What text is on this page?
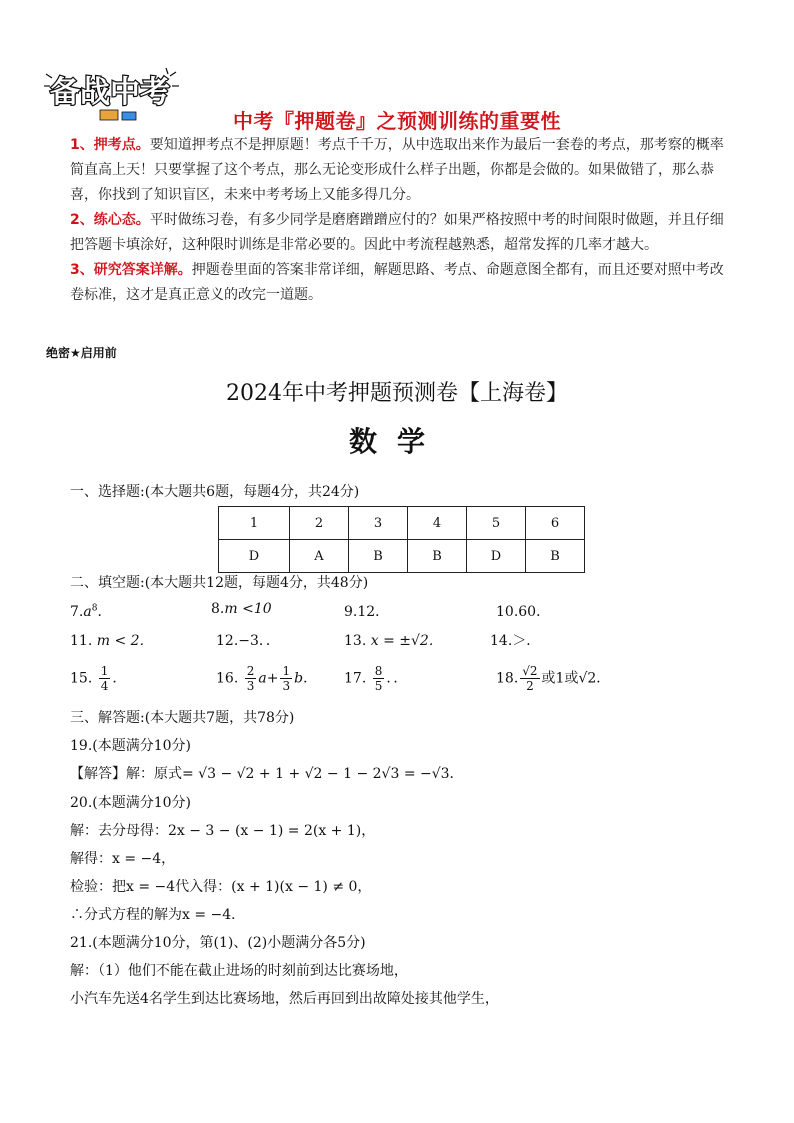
备战中考
中考『押题卷』之预测训练的重要性

1、押考点。要知道押考点不是押原题！考点千千万，从中选取出来作为最后一套卷的考点，那考察的概率简直高上天！只要掌握了这个考点，那么无论变形成什么样子出题，你都是会做的。如果做错了，那么恭喜，你找到了知识盲区，未来中考考场上又能多得几分。

2、练心态。平时做练习卷，有多少同学是磨磨蹭蹭应付的？如果严格按照中考的时间限时做题，并且仔细把答题卡填涂好，这种限时训练是非常必要的。因此中考流程越熟悉，超常发挥的几率才越大。

3、研究答案详解。押题卷里面的答案非常详细，解题思路、考点、命题意图全都有，而且还要对照中考改卷标准，这才是真正意义的改完一道题。

绝密★启用前
2024年中考押题预测卷【上海卷】
数学
一、选择题:(本大题共6题，每题4分，共24分)
1	2	3	4	5	6
D	A	B	B	D	B
二、填空题:(本大题共12题，每题4分，共48分)
$7.a^8$．	8.m <10	9.12．	10.60．
11. m < 2．	12.−3．．	13. x = ±√2．	14.＞．
15. $\frac{1}{4}$ ．	16. $\frac{2}{3} a+ \frac{1}{3}$ b． 17. $\frac{8}{5}$ ．．	18. $\frac{√2}{2}$ 或1或√2．
三、解答题:(本大题共7题，共78分)
19.(本题满分10分)
【解答】解：原式= √3 − √2 + 1 + √2 − 1 − 2√3 = −√3．
20.(本题满分10分)
解：去分母得：2x − 3 − (x − 1) = 2(x + 1)，
解得：x = −4，
检验：把x = −4代入得：(x + 1)(x − 1) ≠ 0，
∴分式方程的解为x = −4．
21.(本题满分10分，第(1)、(2)小题满分各5分)
解：（1）他们不能在截止进场的时刻前到达比赛场地，
小汽车先送4名学生到达比赛场地，然后再回到出故障处接其他学生，
